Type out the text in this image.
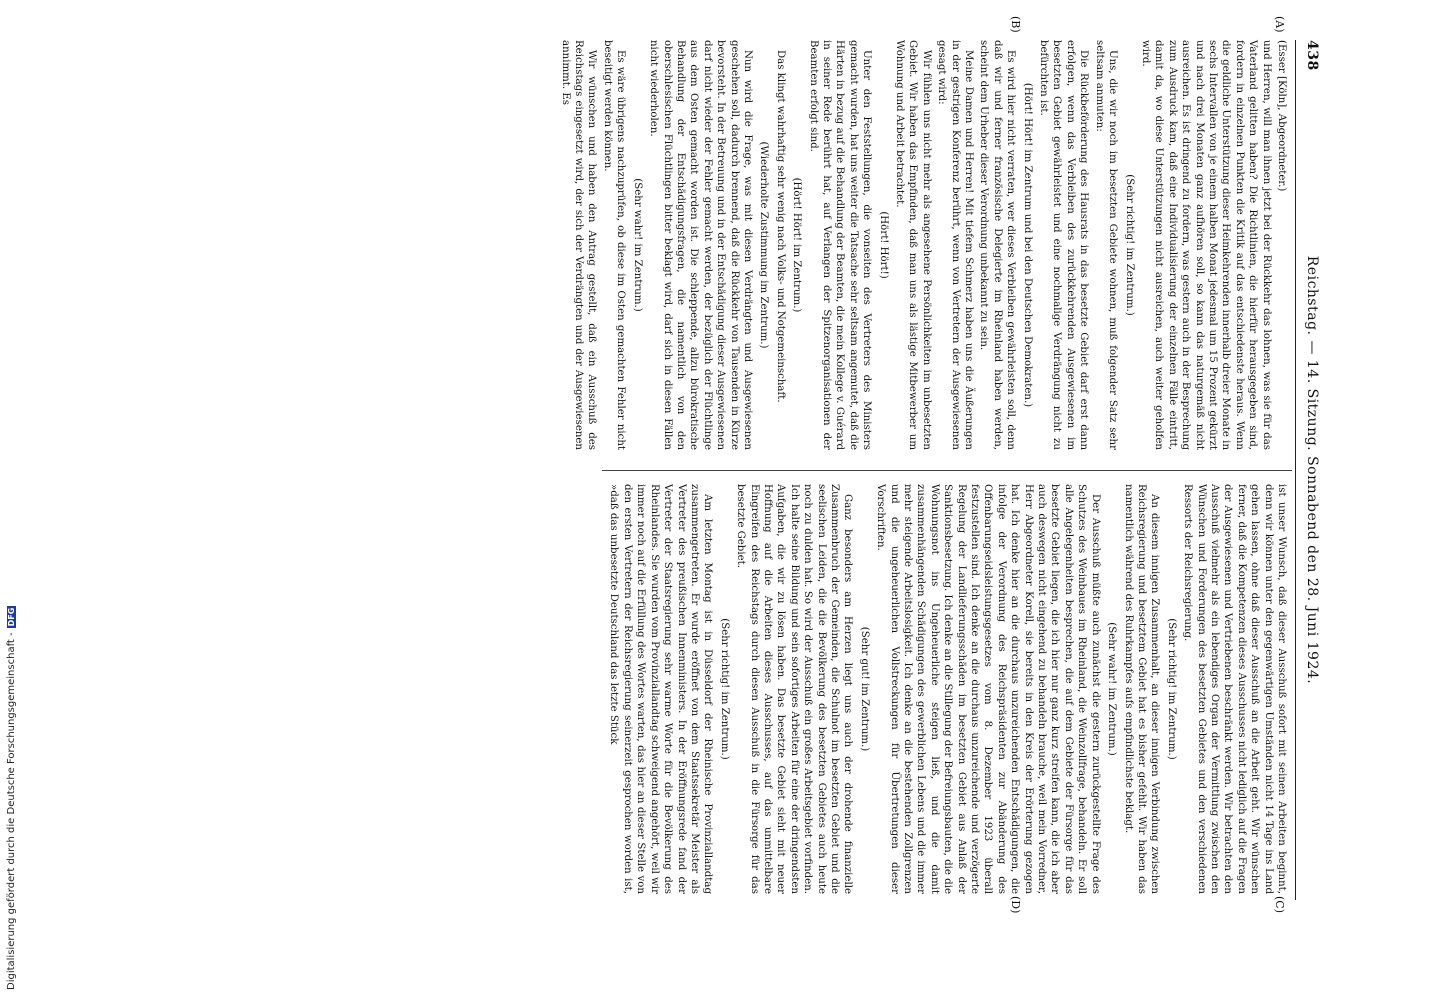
438
Reichstag. — 14. Sitzung. Sonnabend den 28. Juni 1924.
(A)
(B)
(C)
(D)

(Esser [Köln], Abgeordneter.)

und Herren, will man ihnen jetzt bei der Rückkehr das lohnen, was sie für das Vaterland gelitten haben? Die Richtlinien, die hierfür herausgegeben sind, fordern in einzelnen Punkten die Kritik auf das entschiedenste heraus. Wenn die geldliche Unterstützung dieser Heimkehrenden innerhalb dreier Monate in sechs Intervallen von je einem halben Monat jedesmal um 15 Prozent gekürzt und nach drei Monaten ganz aufhören soll, so kann das naturgemäß nicht ausreichen. Es ist dringend zu fordern, was gestern auch in der Besprechung zum Ausdruck kam, daß eine Individualisierung der einzelnen Fälle eintritt, damit da, wo diese Unterstützungen nicht ausreichen, auch weiter geholfen wird.

(Sehr richtig! im Zentrum.)

Uns, die wir noch im besetzten Gebiete wohnen, muß folgender Satz sehr seltsam anmuten:

Die Rückbeförderung des Hausrats in das besetzte Gebiet darf erst dann erfolgen, wenn das Verbleiben des zurückkehrenden Ausgewiesenen im besetzten Gebiet gewährleistet und eine nochmalige Verdrängung nicht zu befürchten ist.

(Hört! Hört! im Zentrum und bei den Deutschen Demokraten.)

Es wird hier nicht verraten, wer dieses Verbleiben gewährleisten soll, denn daß wir und ferner französische Delegierte im Rheinland haben werden, scheint dem Urheber dieser Verordnung unbekannt zu sein.

Meine Damen und Herren! Mit tiefem Schmerz haben uns die Äußerungen in der gestrigen Konferenz berührt, wenn von Vertretern der Ausgewiesenen gesagt wird:

Wir fühlen uns nicht mehr als angesehene Persönlichkeiten im unbesetzten Gebiet. Wir haben das Empfinden, daß man uns als lästige Mitbewerber um Wohnung und Arbeit betrachtet.

(Hört! Hört!)

Unter den Feststellungen, die vonseiten des Vertreters des Ministers gemacht wurden, hat uns weiter die Tatsache sehr seltsam angemutet, daß die Härten in bezug auf die Behandlung der Beamten, die mein Kollege v. Guérard in seiner Rede berührt hat, auf Verlangen der Spitzenorganisationen der Beamten erfolgt sind.

(Hört! Hört! im Zentrum.)

Das klingt wahrhaftig sehr wenig nach Volks- und Notgemeinschaft.

(Wiederholte Zustimmung im Zentrum.)

Nun wird die Frage, was mit diesen Verdrängten und Ausgewiesenen geschehen soll, dadurch brennend, daß die Rückkehr von Tausenden in Kürze bevorsteht. In der Betreuung und in der Entschädigung dieser Ausgewiesenen darf nicht wieder der Fehler gemacht werden, der bezüglich der Flüchtlinge aus dem Osten gemacht worden ist. Die schleppende, allzu bürokratische Behandlung der Entschädigungsfragen, die namentlich von den oberschlesischen Flüchtlingen bitter beklagt wird, darf sich in diesen Fällen nicht wiederholen.

(Sehr wahr! im Zentrum.)

Es wäre übrigens nachzuprüfen, ob diese im Osten gemachten Fehler nicht beseitigt werden können.

Wir wünschen und haben den Antrag gestellt, daß ein Ausschuß des Reichstags eingesetzt wird, der sich der Verdrängten und der Ausgewiesenen annimmt. Es

ist unser Wunsch, daß dieser Ausschuß sofort mit seinen Arbeiten beginnt, denn wir können unter den gegenwärtigen Umständen nicht 14 Tage ins Land gehen lassen, ohne daß dieser Ausschuß an die Arbeit geht. Wir wünschen ferner, daß die Kompetenzen dieses Ausschusses nicht lediglich auf die Fragen der Ausgewiesenen und Vertriebenen beschränkt werden. Wir betrachten den Ausschuß vielmehr als ein lebendiges Organ der Vermittlung zwischen den Wünschen und Forderungen des besetzten Gebietes und den verschiedenen Ressorts der Reichsregierung.

(Sehr richtig! im Zentrum.)

An diesem innigen Zusammenhalt, an dieser innigen Verbindung zwischen Reichsregierung und besetztem Gebiet hat es bisher gefehlt. Wir haben das namentlich während des Ruhrkampfes aufs empfindlichste beklagt.

(Sehr wahr! im Zentrum.)

Der Ausschuß müßte auch zunächst die gestern zurückgestellte Frage des Schutzes des Weinbaues im Rheinland, die Weinzollfrage, behandeln. Er soll alle Angelegenheiten besprechen, die auf dem Gebiete der Fürsorge für das besetzte Gebiet liegen, die ich hier nur ganz kurz streifen kann, die ich aber auch deswegen nicht eingehend zu behandeln brauche, weil mein Vorredner, Herr Abgeordneter Korell, sie bereits in den Kreis der Erörterung gezogen hat. Ich denke hier an die durchaus unzureichenden Entschädigungen, die infolge der Verordnung des Reichspräsidenten zur Abänderung des Offenbarungseidsleistungsgesetzes vom 8. Dezember 1923 überall festzustellen sind. Ich denke an die durchaus unzureichende und verzögerte Regelung der Landlieferungsschäden im besetzten Gebiet aus Anlaß der Sanktionsbesetzung. Ich denke an die Stillegung der Befreiungsbauten, die die Wohnungsnot ins Ungeheuerliche steigen ließ, und die damit zusammenhängenden Schädigungen des gewerblichen Lebens und die immer mehr steigende Arbeitslosigkeit. Ich denke an die bestehenden Zollgrenzen und die ungeheuerlichen Vollstreckungen für Übertretungen dieser Vorschriften.

(Sehr gut! im Zentrum.)

Ganz besonders am Herzen liegt uns auch der drohende finanzielle Zusammenbruch der Gemeinden, die Schulnot im besetzten Gebiet und die seelischen Leiden, die die Bevölkerung des besetzten Gebietes auch heute noch zu dulden hat. So wird der Ausschuß ein großes Arbeitsgebiet vorfinden. Ich halte seine Bildung und sein sofortiges Arbeiten für eine der dringendsten Aufgaben, die wir zu lösen haben. Das besetzte Gebiet sieht mit neuer Hoffnung auf die Arbeiten dieses Ausschusses, auf das unmittelbare Eingreifen des Reichstags durch diesen Ausschuß in die Fürsorge für das besetzte Gebiet.

(Sehr richtig! im Zentrum.)

Am letzten Montag ist in Düsseldorf der Rheinische Provinziallandtag zusammengetreten. Er wurde eröffnet von dem Staatssekretär Meister als Vertreter des preußischen Innenministers. In der Eröffnungsrede fand der Vertreter der Staatsregierung sehr warme Worte für die Bevölkerung des Rheinlandes. Sie wurden vom Provinziallandtag schweigend angehört, weil wir immer noch auf die Erfüllung des Wortes warten, das hier an dieser Stelle von den ersten Vertretern der Reichsregierung seinerzeit gesprochen worden ist, »daß das unbesetzte Deutschland das letzte Stück

Digitalisierung gefördert durch die Deutsche Forschungsgemeinschaft -DFG
